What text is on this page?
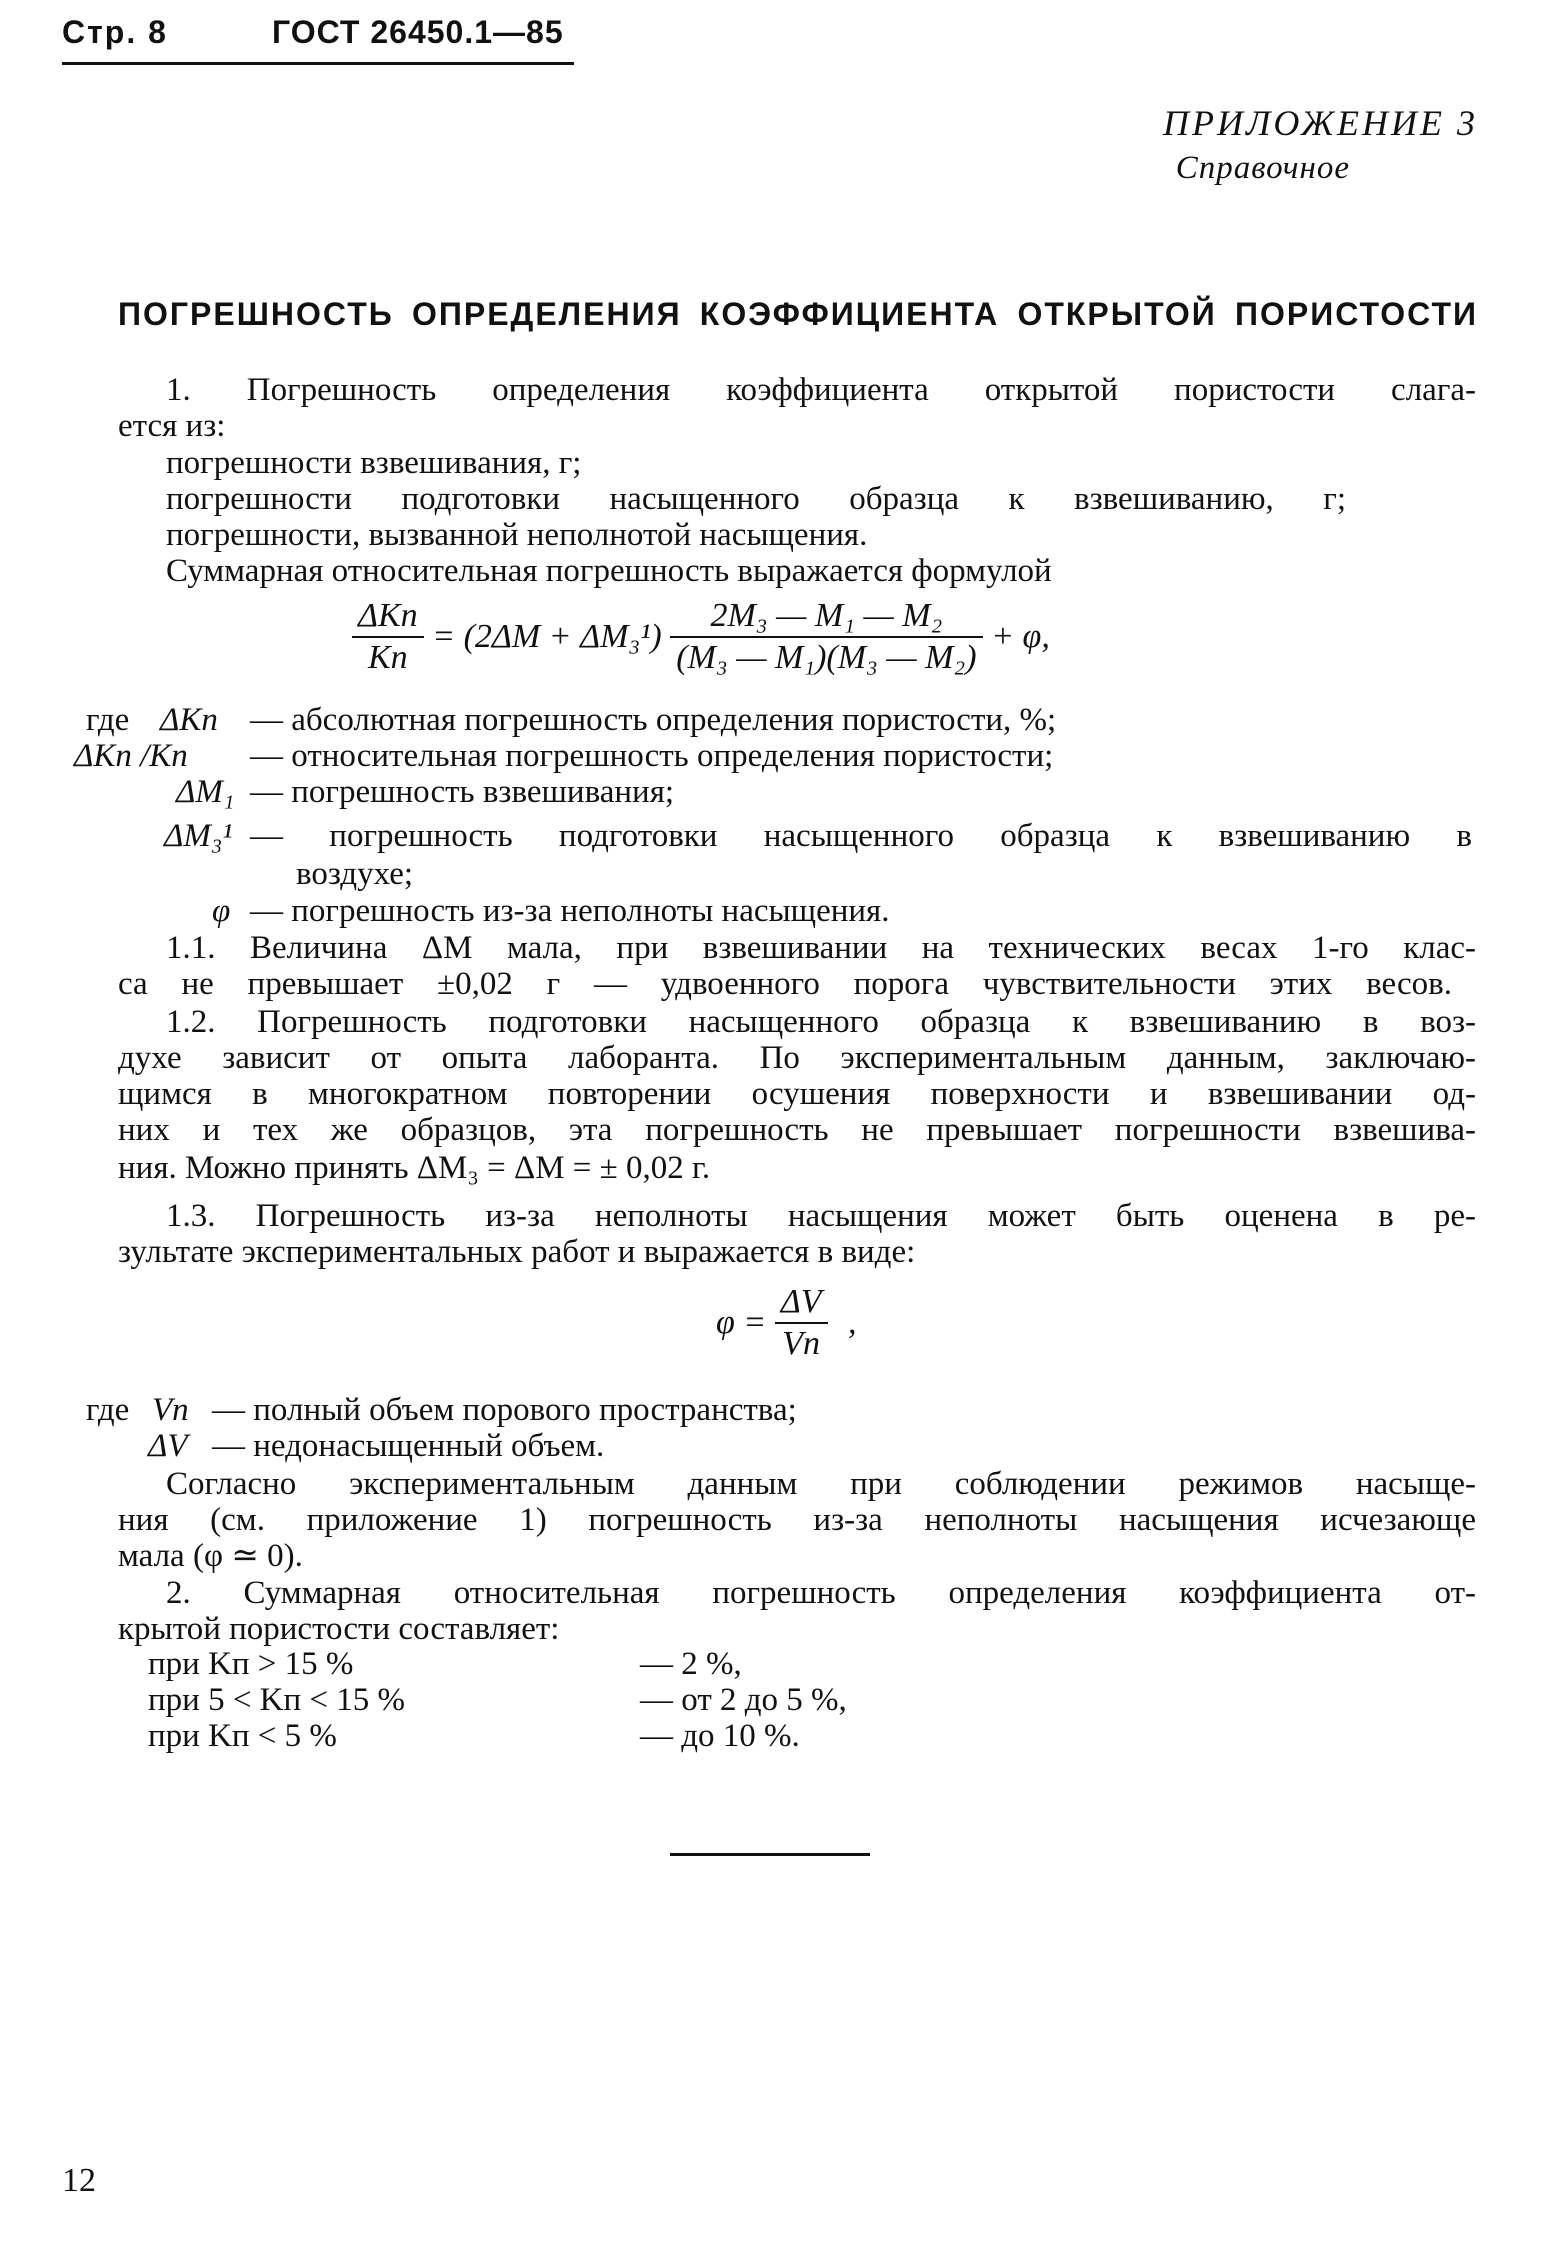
Стр. 8	ГОСТ 26450.1—85
ПРИЛОЖЕНИЕ 3
Справочное
ПОГРЕШНОСТЬ ОПРЕДЕЛЕНИЯ КОЭФФИЦИЕНТА ОТКРЫТОЙ ПОРИСТОСТИ
1. Погрешность определения коэффициента открытой пористости слага-
ется из:
погрешности взвешивания, г;
погрешности подготовки насыщенного образца к взвешиванию, г;
погрешности, вызванной неполнотой насыщения.
Суммарная относительная погрешность выражается формулой
$\frac{\text{ΔKп}}{Kп} = (2\Delta M + \Delta M_3^1) \frac{\text{2M₃ — M₁ — M₂}}{\text{(M₃ — M₁)(M₃ — M₂)}} + \varphi$,
где ΔKп — абсолютная погрешность определения пористости, %;
ΔKп /Kп — относительная погрешность определения пористости;
ΔM₁ — погрешность взвешивания;
ΔM₃¹ — погрешность подготовки насыщенного образца к взвешиванию в
воздухе;
φ — погрешность из-за неполноты насыщения.
1.1. Величина ΔM мала, при взвешивании на технических весах 1-го клас-
са не превышает ±0,02 г — удвоенного порога чувствительности этих весов.
1.2. Погрешность подготовки насыщенного образца к взвешиванию в воз-
духе зависит от опыта лаборанта. По экспериментальным данным, заключаю-
щимся в многократном повторении осушения поверхности и взвешивании од-
них и тех же образцов, эта погрешность не превышает погрешности взвешива-
ния. Можно принять ΔM₃ = ΔM = ± 0,02 г.
1.3. Погрешность из-за неполноты насыщения может быть оценена в ре-
зультате экспериментальных работ и выражается в виде:
$\varphi = \frac{\Delta V}{Vп}$ ,
где Vп — полный объем порового пространства;
ΔV — недонасыщенный объем.
Согласно экспериментальным данным при соблюдении режимов насыще-
ния (см. приложение 1) погрешность из-за неполноты насыщения исчезающе
мала (φ ≃ 0).
2. Суммарная относительная погрешность определения коэффициента от-
крытой пористости составляет:
при Kп > 15 %	— 2 %,
при 5 < Kп < 15 %	— от 2 до 5 %,
при Kп < 5 %	— до 10 %.
12
